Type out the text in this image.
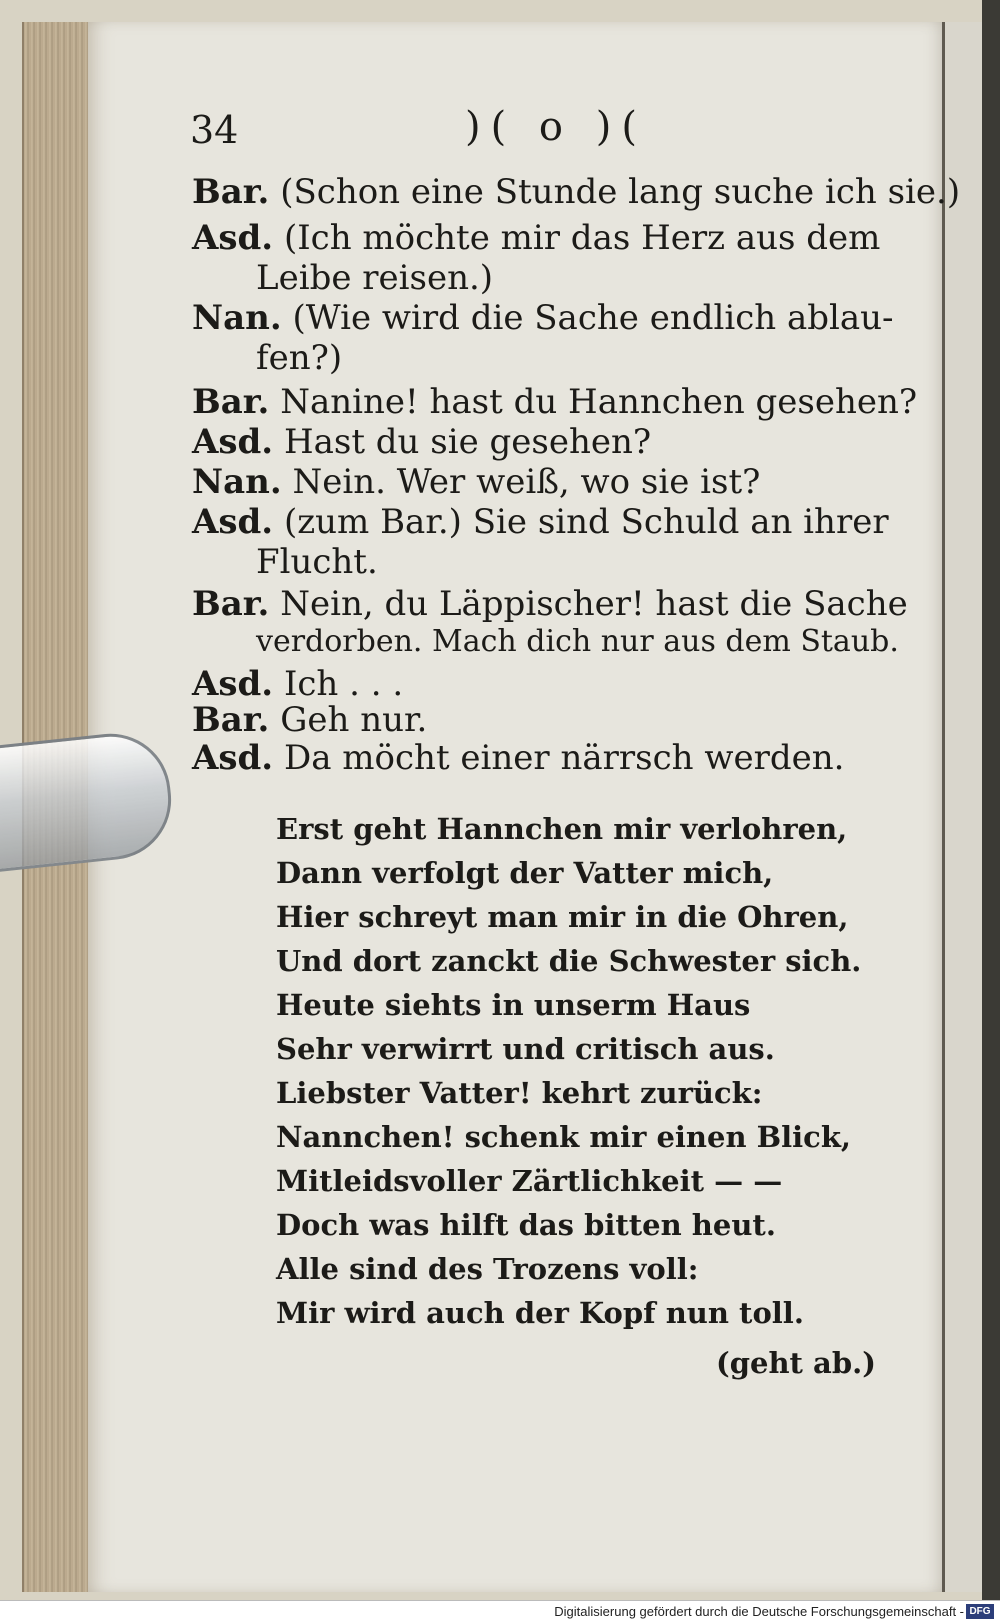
34	)( o )(
Bar. (Schon eine Stunde lang suche ich sie.)
Asd. (Ich möchte mir das Herz aus dem
Leibe reisen.)
Nan. (Wie wird die Sache endlich ablau-
fen?)
Bar. Nanine! hast du Hannchen gesehen?
Asd. Hast du sie gesehen?
Nan. Nein. Wer weiß, wo sie ist?
Asd. (zum Bar.) Sie sind Schuld an ihrer
Flucht.
Bar. Nein, du Läppischer! hast die Sache
verdorben. Mach dich nur aus dem Staub.
Asd. Ich . . .
Bar. Geh nur.
Asd. Da möcht einer närrsch werden.
Erst geht Hannchen mir verlohren,
Dann verfolgt der Vatter mich,
Hier schreyt man mir in die Ohren,
Und dort zanckt die Schwester sich.
Heute siehts in unserm Haus
Sehr verwirrt und critisch aus.
Liebster Vatter! kehrt zurück:
Nannchen! schenk mir einen Blick,
Mitleidsvoller Zärtlichkeit — —
Doch was hilft das bitten heut.
Alle sind des Trozens voll:
Mir wird auch der Kopf nun toll.
(geht ab.)
Digitalisierung gefördert durch die Deutsche Forschungsgemeinschaft - DFG
